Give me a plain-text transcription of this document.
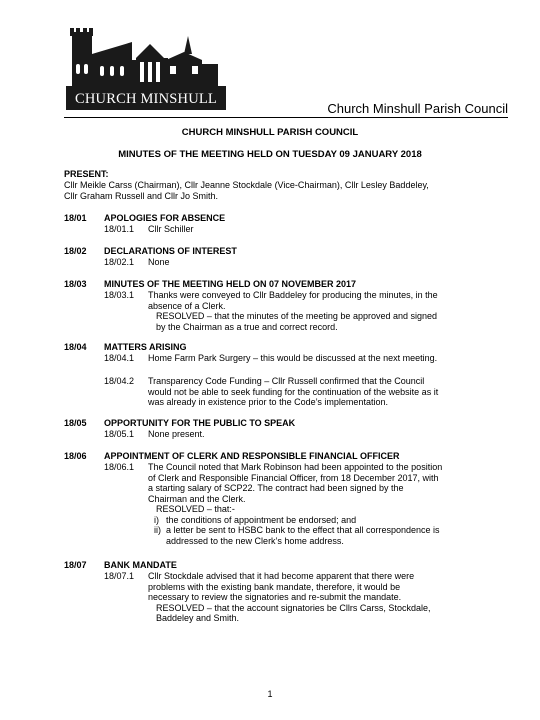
CHURCH MINSHULL
Church Minshull Parish Council
CHURCH MINSHULL PARISH COUNCIL
MINUTES OF THE MEETING HELD ON TUESDAY 09 JANUARY 2018
PRESENT:
Cllr Meikle Carss (Chairman), Cllr Jeanne Stockdale (Vice-Chairman), Cllr Lesley Baddeley,
Cllr Graham Russell and Cllr Jo Smith.
18/01 APOLOGIES FOR ABSENCE
18/01.1 Cllr Schiller
18/02 DECLARATIONS OF INTEREST
18/02.1 None
18/03 MINUTES OF THE MEETING HELD ON 07 NOVEMBER 2017
18/03.1 Thanks were conveyed to Cllr Baddeley for producing the minutes, in the
absence of a Clerk.
RESOLVED – that the minutes of the meeting be approved and signed
by the Chairman as a true and correct record.
18/04 MATTERS ARISING
18/04.1 Home Farm Park Surgery – this would be discussed at the next meeting.
18/04.2 Transparency Code Funding – Cllr Russell confirmed that the Council
would not be able to seek funding for the continuation of the website as it
was already in existence prior to the Code’s implementation.
18/05 OPPORTUNITY FOR THE PUBLIC TO SPEAK
18/05.1 None present.
18/06 APPOINTMENT OF CLERK AND RESPONSIBLE FINANCIAL OFFICER
18/06.1 The Council noted that Mark Robinson had been appointed to the position
of Clerk and Responsible Financial Officer, from 18 December 2017, with
a starting salary of SCP22. The contract had been signed by the
Chairman and the Clerk.
RESOLVED – that:-
i) the conditions of appointment be endorsed; and
ii) a letter be sent to HSBC bank to the effect that all correspondence is
addressed to the new Clerk’s home address.
18/07 BANK MANDATE
18/07.1 Cllr Stockdale advised that it had become apparent that there were
problems with the existing bank mandate, therefore, it would be
necessary to review the signatories and re-submit the mandate.
RESOLVED – that the account signatories be Cllrs Carss, Stockdale,
Baddeley and Smith.
1
